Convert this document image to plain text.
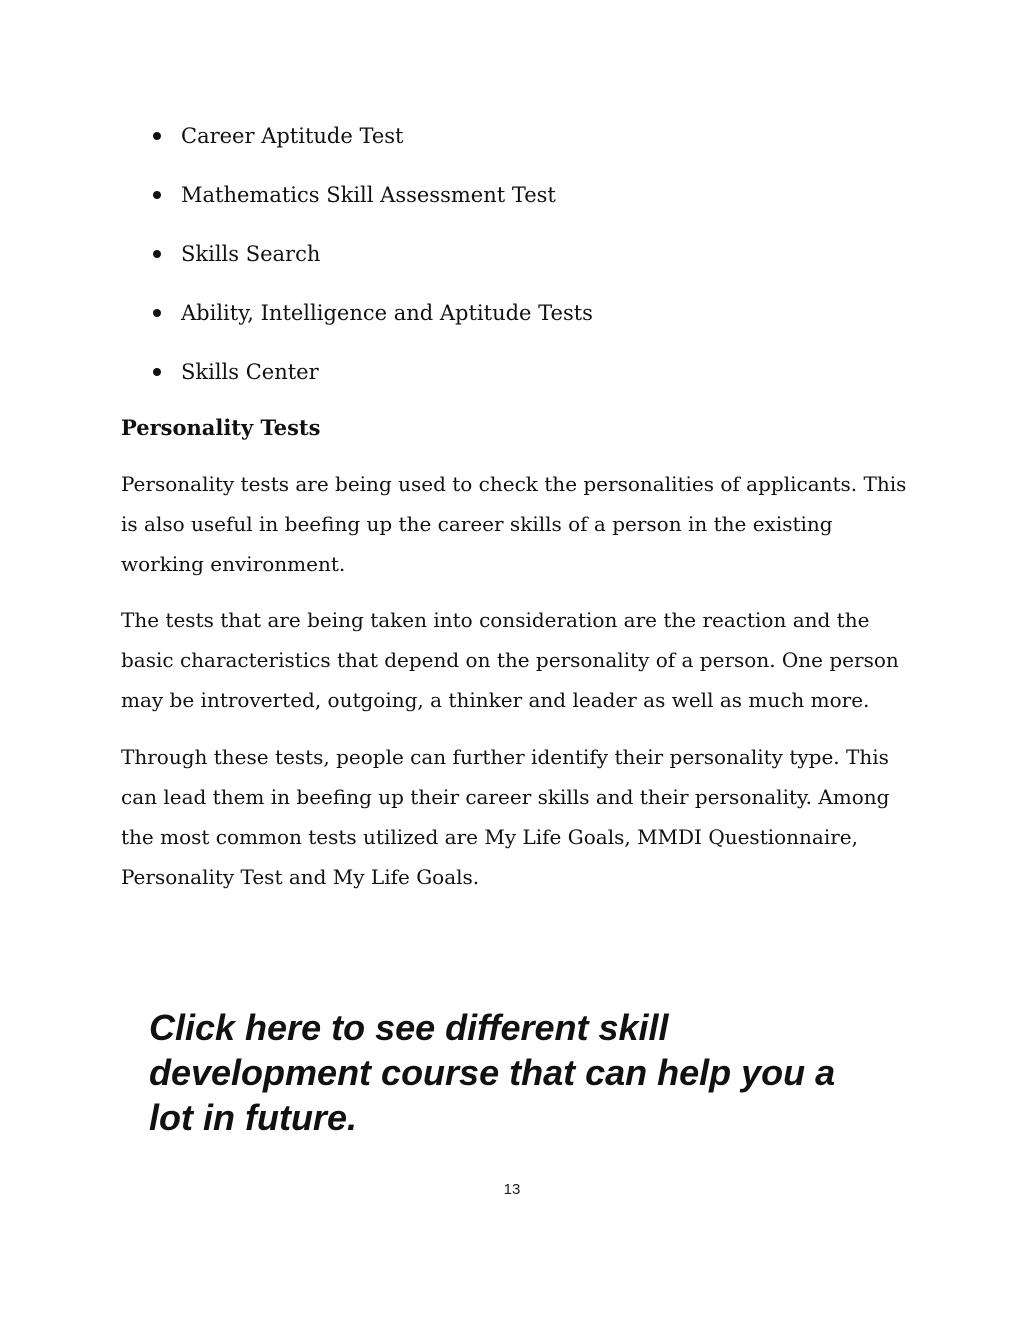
Career Aptitude Test
Mathematics Skill Assessment Test
Skills Search
Ability, Intelligence and Aptitude Tests
Skills Center
Personality Tests

Personality tests are being used to check the personalities of applicants. This is also useful in beefing up the career skills of a person in the existing working environment.

The tests that are being taken into consideration are the reaction and the basic characteristics that depend on the personality of a person. One person may be introverted, outgoing, a thinker and leader as well as much more.

Through these tests, people can further identify their personality type. This can lead them in beefing up their career skills and their personality. Among the most common tests utilized are My Life Goals, MMDI Questionnaire, Personality Test and My Life Goals.

Click here to see different skill development course that can help you a lot in future.
13
